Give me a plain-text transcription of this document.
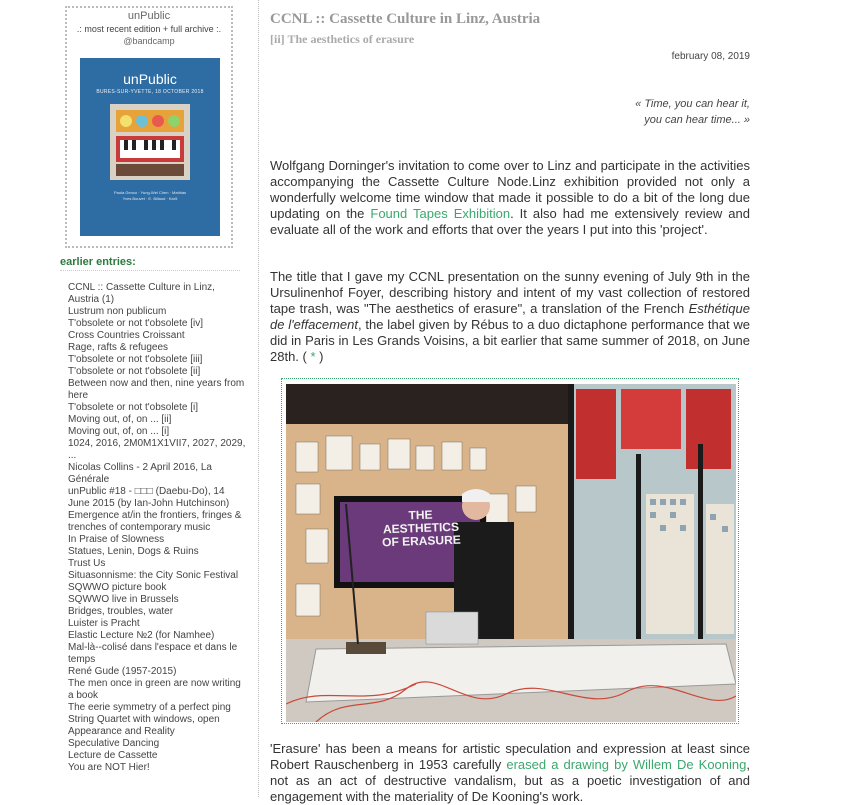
unPublic
.: most recent edition + full archive :.
@bandcamp
unPublic
BURES-SUR-YVETTE, 18 OCTOBER 2018
Paula Genco · Yung-Wei Chen · Mathias
Yves Bouvet · E. Billaud · Kar5
earlier entries:
CCNL :: Cassette Culture in Linz, Austria (1)
Lustrum non publicum
T'obsolete or not t'obsolete [iv]
Cross Countries Croissant
Rage, rafts & refugees
T'obsolete or not t'obsolete [iii]
T'obsolete or not t'obsolete [ii]
Between now and then, nine years from here
T'obsolete or not t'obsolete [i]
Moving out, of, on ... [ii]
Moving out, of, on ... [i]
1024, 2016, 2M0M1X1VII7, 2027, 2029, ...
Nicolas Collins - 2 April 2016, La Générale
unPublic #18 - □□□ (Daebu-Do), 14 June 2015 (by Ian-John Hutchinson)
Emergence at/in the frontiers, fringes & trenches of contemporary music
In Praise of Slowness
Statues, Lenin, Dogs & Ruins
Trust Us
Situasonnisme: the City Sonic Festival
SQWWO picture book
SQWWO live in Brussels
Bridges, troubles, water
Luister is Pracht
Elastic Lecture №2 (for Namhee)
Mal-là--colisé dans l'espace et dans le temps
René Gude (1957-2015)
The men once in green are now writing a book
The eerie symmetry of a perfect ping
String Quartet with windows, open
Appearance and Reality
Speculative Dancing
Lecture de Cassette
You are NOT Hier!
CCNL :: Cassette Culture in Linz, Austria
[ii] The aesthetics of erasure
february 08, 2019
« Time, you can hear it,
you can hear time... »

Wolfgang Dorninger's invitation to come over to Linz and participate in the activities accompanying the Cassette Culture Node.Linz exhibition provided not only a wonderfully welcome time window that made it possible to do a bit of the long due updating on the Found Tapes Exhibition. It also had me extensively review and evaluate all of the work and efforts that over the years I put into this 'project'.

The title that I gave my CCNL presentation on the sunny evening of July 9th in the Ursulinenhof Foyer, describing history and intent of my vast collection of restored tape trash, was "The aesthetics of erasure", a translation of the French Esthétique de l'effacement, the label given by Rébus to a duo dictaphone performance that we did in Paris in Les Grands Voisins, a bit earlier that same summer of 2018, on June 28th. ( * )

THE AESTHETICS OF ERASURE

'Erasure' has been a means for artistic speculation and expression at least since Robert Rauschenberg in 1953 carefully erased a drawing by Willem De Kooning, not as an act of destructive vandalism, but as a poetic investigation of and engagement with the materiality of De Kooning's work.
